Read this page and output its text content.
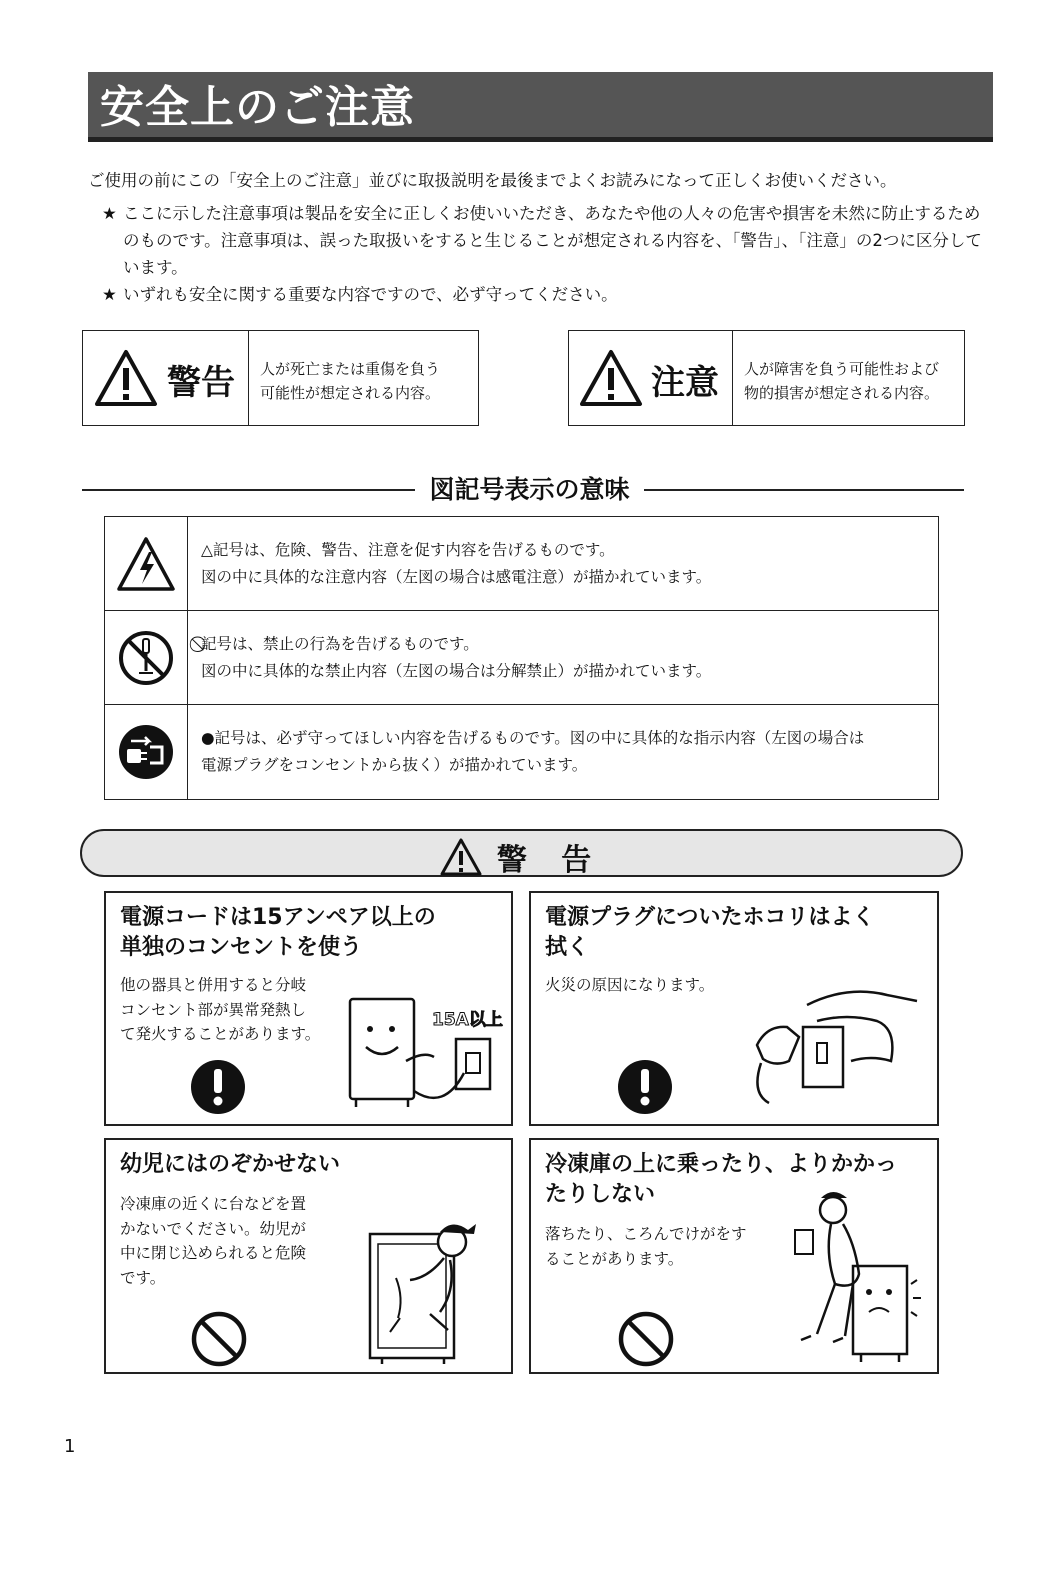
安全上のご注意
ご使用の前にこの「安全上のご注意」並びに取扱説明を最後までよくお読みになって正しくお使いください。
★ ここに示した注意事項は製品を安全に正しくお使いいただき、あなたや他の人々の危害や損害を未然に防止するためのものです。注意事項は、誤った取扱いをすると生じることが想定される内容を、「警告」、「注意」の2つに区分しています。
★ いずれも安全に関する重要な内容ですので、必ず守ってください。
警告 人が死亡または重傷を負う
可能性が想定される内容。	注意 人が障害を負う可能性および
物的損害が想定される内容。
図記号表示の意味
△記号は、危険、警告、注意を促す内容を告げるものです。
図の中に具体的な注意内容（左図の場合は感電注意）が描かれています。
⃠記号は、禁止の行為を告げるものです。
図の中に具体的な禁止内容（左図の場合は分解禁止）が描かれています。
●記号は、必ず守ってほしい内容を告げるものです。図の中に具体的な指示内容（左図の場合は
電源プラグをコンセントから抜く）が描かれています。
警 告
電源コードは15アンペア以上の
単独のコンセントを使う
他の器具と併用すると分岐
コンセント部が異常発熱し
て発火することがあります。
15A以上
電源プラグについたホコリはよく
拭く
火災の原因になります。
幼児にはのぞかせない
冷凍庫の近くに台などを置
かないでください。幼児が
中に閉じ込められると危険
です。
冷凍庫の上に乗ったり、よりかかっ
たりしない
落ちたり、ころんでけがをす
ることがあります。
1
